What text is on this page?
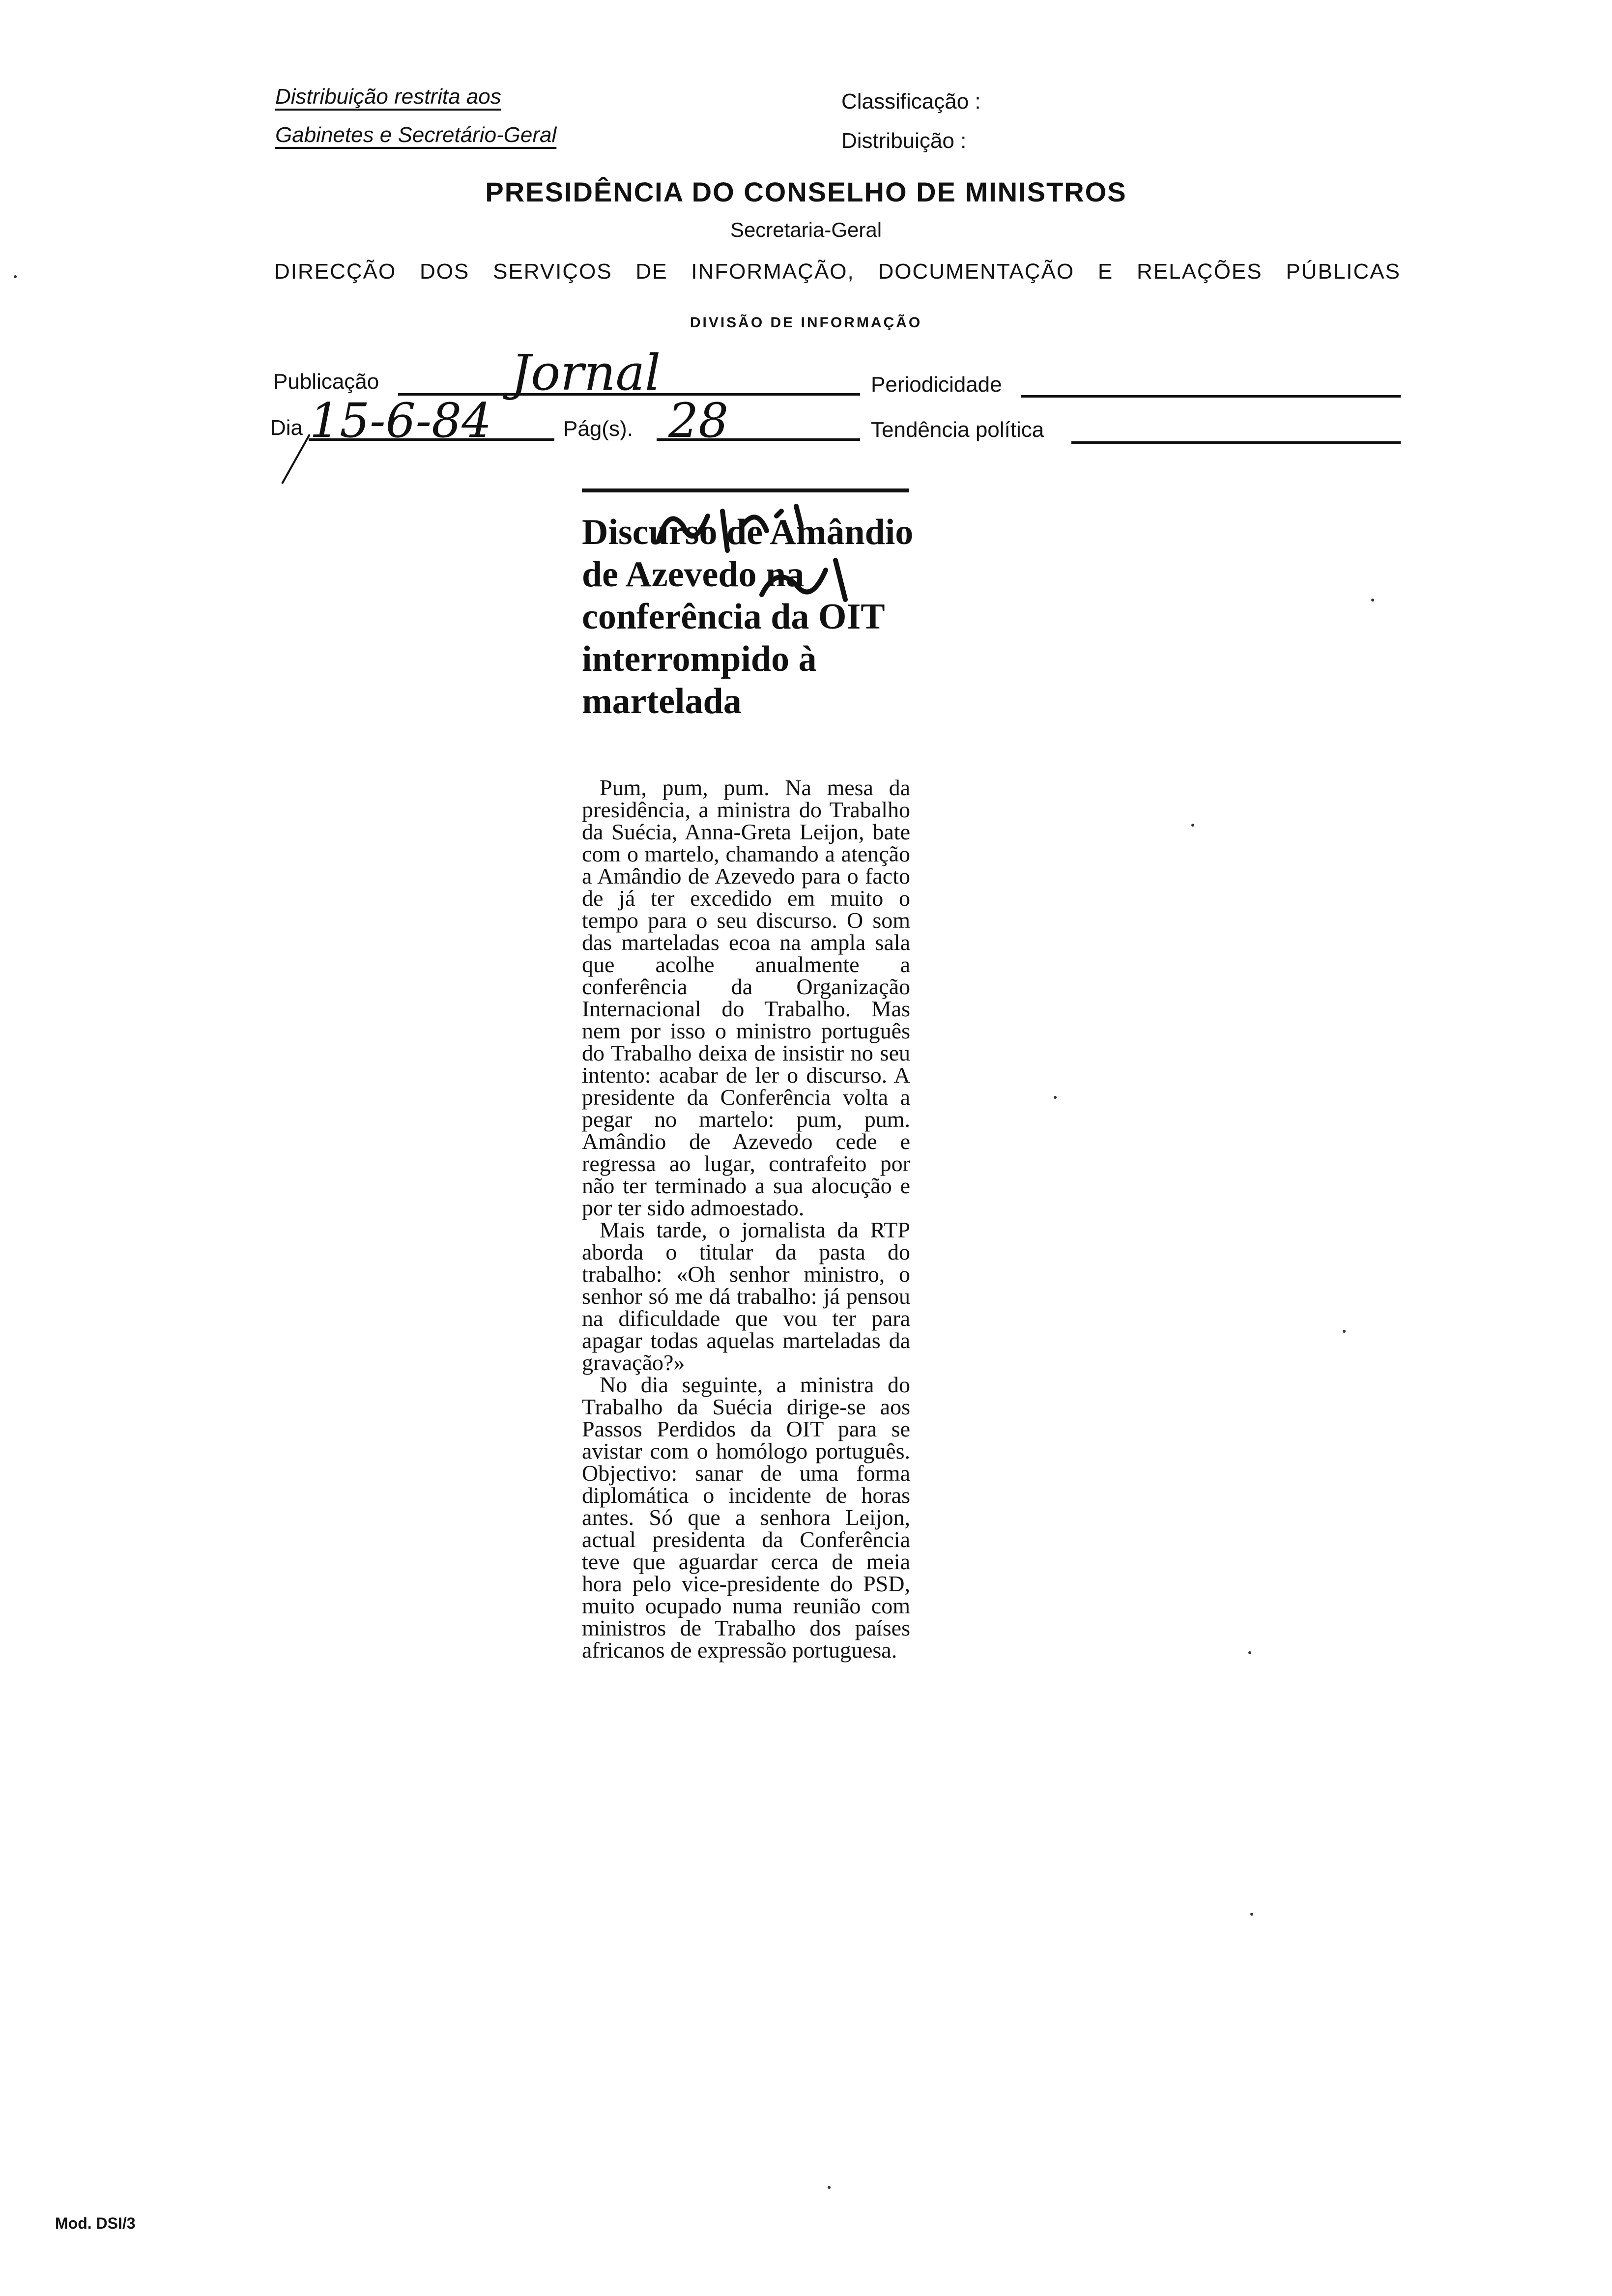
Distribuição restrita aos
Gabinetes e Secretário-Geral
Classificação :
Distribuição :
PRESIDÊNCIA DO CONSELHO DE MINISTROS
Secretaria-Geral
DIRECÇÃO DOS SERVIÇOS DE INFORMAÇÃO, DOCUMENTAÇÃO E RELAÇÕES PÚBLICAS
DIVISÃO DE INFORMAÇÃO
Publicação	Jornal	Periodicidade
Dia 15-6-84	Pág(s). 28	Tendência política
Discurso de Amândio de Azevedo na conferência da OIT interrompido à martelada

Pum, pum, pum. Na mesa da presidência, a ministra do Trabalho da Suécia, Anna-Greta Leijon, bate com o martelo, chamando a atenção a Amândio de Azevedo para o facto de já ter excedido em muito o tempo para o seu discurso. O som das marteladas ecoa na ampla sala que acolhe anualmente a conferência da Organização Internacional do Trabalho. Mas nem por isso o ministro português do Trabalho deixa de insistir no seu intento: acabar de ler o discurso. A presidente da Conferência volta a pegar no martelo: pum, pum. Amândio de Azevedo cede e regressa ao lugar, contrafeito por não ter terminado a sua alocução e por ter sido admoestado.

Mais tarde, o jornalista da RTP aborda o titular da pasta do trabalho: «Oh senhor ministro, o senhor só me dá trabalho: já pensou na dificuldade que vou ter para apagar todas aquelas marteladas da gravação?»

No dia seguinte, a ministra do Trabalho da Suécia dirige-se aos Passos Perdidos da OIT para se avistar com o homólogo português. Objectivo: sanar de uma forma diplomática o incidente de horas antes. Só que a senhora Leijon, actual presidenta da Conferência teve que aguardar cerca de meia hora pelo vice-presidente do PSD, muito ocupado numa reunião com ministros de Trabalho dos países africanos de expressão portuguesa.

Mod. DSI/3
